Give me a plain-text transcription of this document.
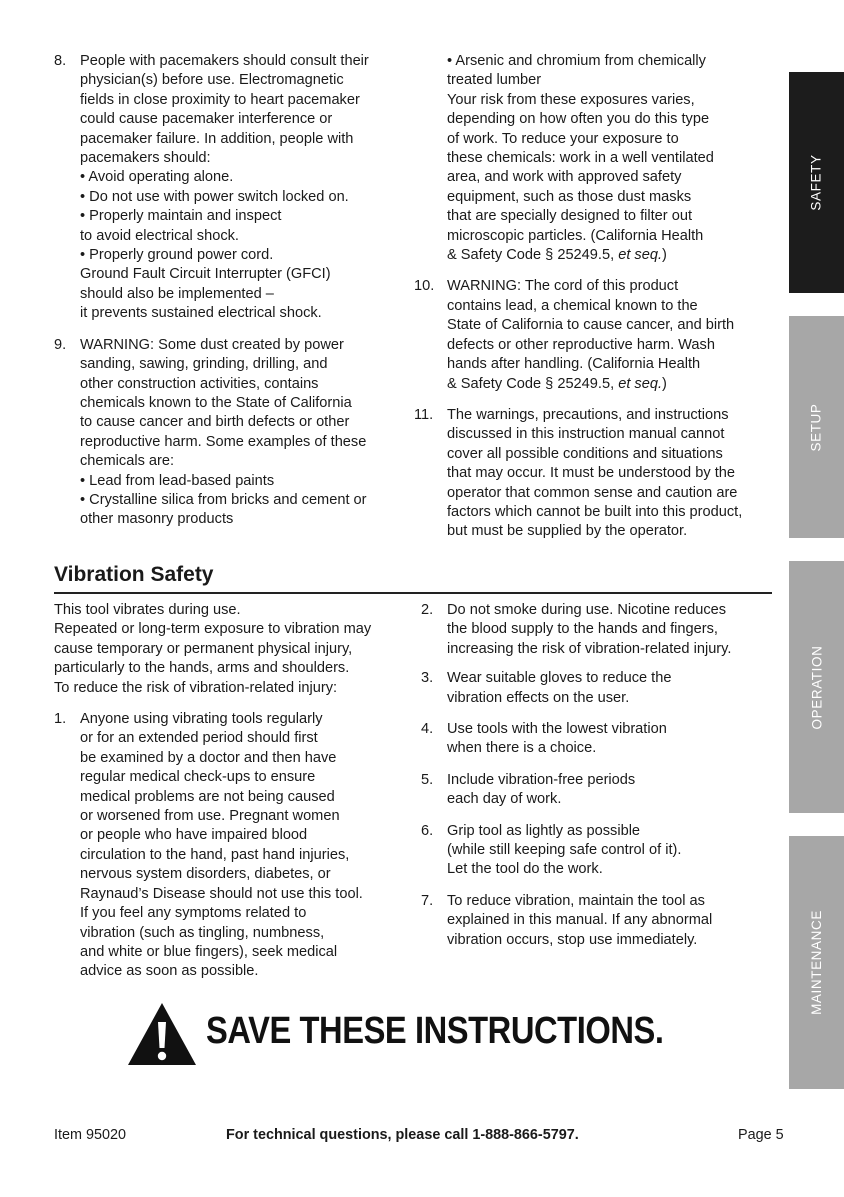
8. People with pacemakers should consult their
physician(s) before use. Electromagnetic
fields in close proximity to heart pacemaker
could cause pacemaker interference or
pacemaker failure. In addition, people with
pacemakers should:
• Avoid operating alone.
• Do not use with power switch locked on.
• Properly maintain and inspect
to avoid electrical shock.
• Properly ground power cord.
Ground Fault Circuit Interrupter (GFCI)
should also be implemented –
it prevents sustained electrical shock.
9. WARNING: Some dust created by power
sanding, sawing, grinding, drilling, and
other construction activities, contains
chemicals known to the State of California
to cause cancer and birth defects or other
reproductive harm. Some examples of these
chemicals are:
• Lead from lead-based paints
• Crystalline silica from bricks and cement or
other masonry products
• Arsenic and chromium from chemically
treated lumber
Your risk from these exposures varies,
depending on how often you do this type
of work. To reduce your exposure to
these chemicals: work in a well ventilated
area, and work with approved safety
equipment, such as those dust masks
that are specially designed to filter out
microscopic particles. (California Health
& Safety Code § 25249.5, et seq.)
10. WARNING: The cord of this product
contains lead, a chemical known to the
State of California to cause cancer, and birth
defects or other reproductive harm. Wash
hands after handling. (California Health
& Safety Code § 25249.5, et seq.)
11. The warnings, precautions, and instructions
discussed in this instruction manual cannot
cover all possible conditions and situations
that may occur. It must be understood by the
operator that common sense and caution are
factors which cannot be built into this product,
but must be supplied by the operator.
Vibration Safety
This tool vibrates during use.
Repeated or long-term exposure to vibration may
cause temporary or permanent physical injury,
particularly to the hands, arms and shoulders.
To reduce the risk of vibration-related injury:
1. Anyone using vibrating tools regularly
or for an extended period should first
be examined by a doctor and then have
regular medical check-ups to ensure
medical problems are not being caused
or worsened from use. Pregnant women
or people who have impaired blood
circulation to the hand, past hand injuries,
nervous system disorders, diabetes, or
Raynaud’s Disease should not use this tool.
If you feel any symptoms related to
vibration (such as tingling, numbness,
and white or blue fingers), seek medical
advice as soon as possible.
2. Do not smoke during use. Nicotine reduces
the blood supply to the hands and fingers,
increasing the risk of vibration-related injury.
3. Wear suitable gloves to reduce the
vibration effects on the user.
4. Use tools with the lowest vibration
when there is a choice.
5. Include vibration-free periods
each day of work.
6. Grip tool as lightly as possible
(while still keeping safe control of it).
Let the tool do the work.
7. To reduce vibration, maintain the tool as
explained in this manual. If any abnormal
vibration occurs, stop use immediately.

SAVE THESE INSTRUCTIONS.

Item 95020	For technical questions, please call 1-888-866-5797.	Page 5
SAFETY
SETUP
OPERATION
MAINTENANCE
